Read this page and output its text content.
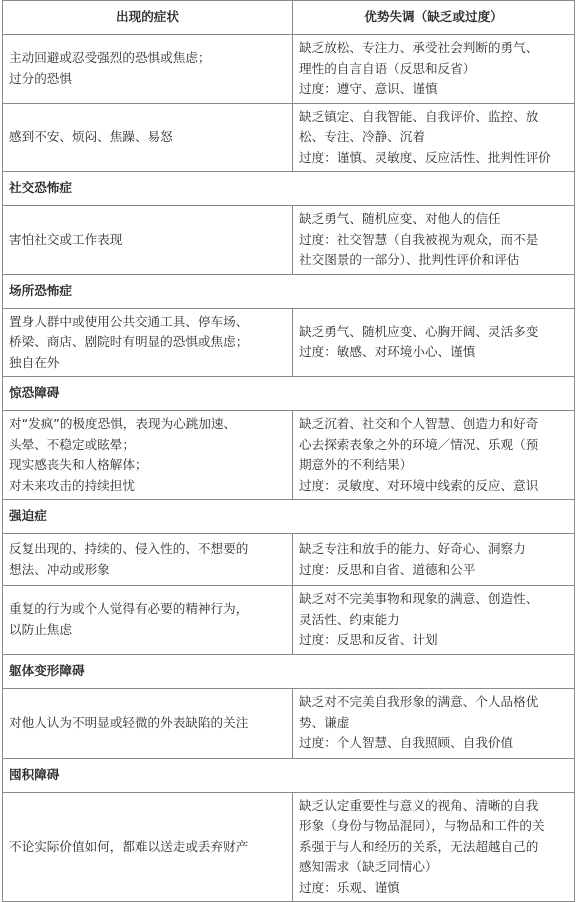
出现的症状	优势失调（缺乏或过度）

主动回避或忍受强烈的恐惧或焦虑；
过分的恐惧	缺乏放松、专注力、承受社会判断的勇气、
理性的自言自语（反思和反省）
过度：遵守、意识、谨慎

感到不安、烦闷、焦躁、易怒	缺乏镇定、自我智能、自我评价、监控、放
松、专注、冷静、沉着
过度：谨慎、灵敏度、反应活性、批判性评价

社交恐怖症	

害怕社交或工作表现	缺乏勇气、随机应变、对他人的信任
过度：社交智慧（自我被视为观众，而不是
社交图景的一部分）、批判性评价和评估

场所恐怖症	

置身人群中或使用公共交通工具、停车场、
桥梁、商店、剧院时有明显的恐惧或焦虑；
独自在外	缺乏勇气、随机应变、心胸开阔、灵活多变
过度：敏感、对环境小心、谨慎

惊恐障碍	

对“发疯”的极度恐惧，表现为心跳加速、
头晕、不稳定或眩晕；
现实感丧失和人格解体；
对未来攻击的持续担忧	缺乏沉着、社交和个人智慧、创造力和好奇
心去探索表象之外的环境／情况、乐观（预
期意外的不利结果）
过度：灵敏度、对环境中线索的反应、意识

强迫症	

反复出现的、持续的、侵入性的、不想要的
想法、冲动或形象	缺乏专注和放手的能力、好奇心、洞察力
过度：反思和自省、道德和公平

重复的行为或个人觉得有必要的精神行为，
以防止焦虑	缺乏对不完美事物和现象的满意、创造性、
灵活性、约束能力
过度：反思和反省、计划

躯体变形障碍	

对他人认为不明显或轻微的外表缺陷的关注	缺乏对不完美自我形象的满意、个人品格优
势、谦虚
过度：个人智慧、自我照顾、自我价值

囤积障碍	

不论实际价值如何，都难以送走或丢弃财产	缺乏认定重要性与意义的视角、清晰的自我
形象（身份与物品混同），与物品和工件的关
系强于与人和经历的关系，无法超越自己的
感知需求（缺乏同情心）
过度：乐观、谨慎
